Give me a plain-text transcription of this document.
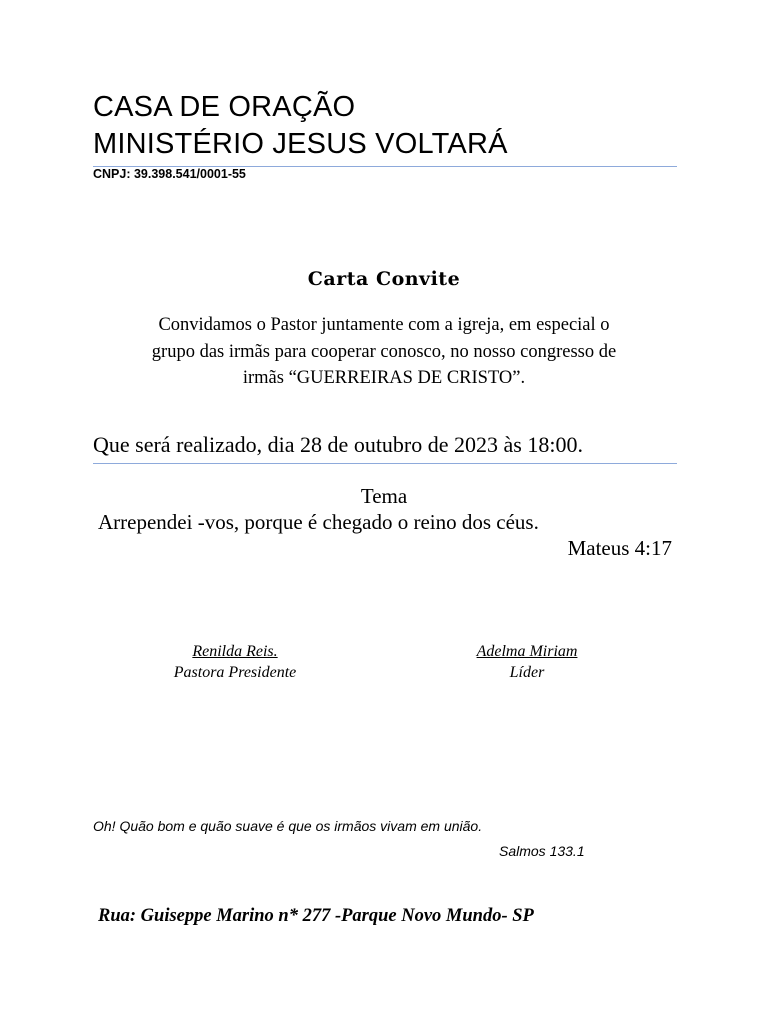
CASA DE ORAÇÃO
MINISTÉRIO JESUS VOLTARÁ
CNPJ: 39.398.541/0001-55
Carta Convite
Convidamos o Pastor juntamente com a igreja, em especial o
grupo das irmãs para cooperar conosco, no nosso congresso de
irmãs “GUERREIRAS DE CRISTO”.
Que será realizado, dia 28 de outubro de 2023 às 18:00.
Tema
Arrependei -vos, porque é chegado o reino dos céus.
Mateus 4:17
Renilda Reis.
Pastora Presidente
Adelma Miriam
Líder
Oh! Quão bom e quão suave é que os irmãos vivam em união.
Salmos 133.1
Rua: Guiseppe Marino n* 277 -Parque Novo Mundo- SP
